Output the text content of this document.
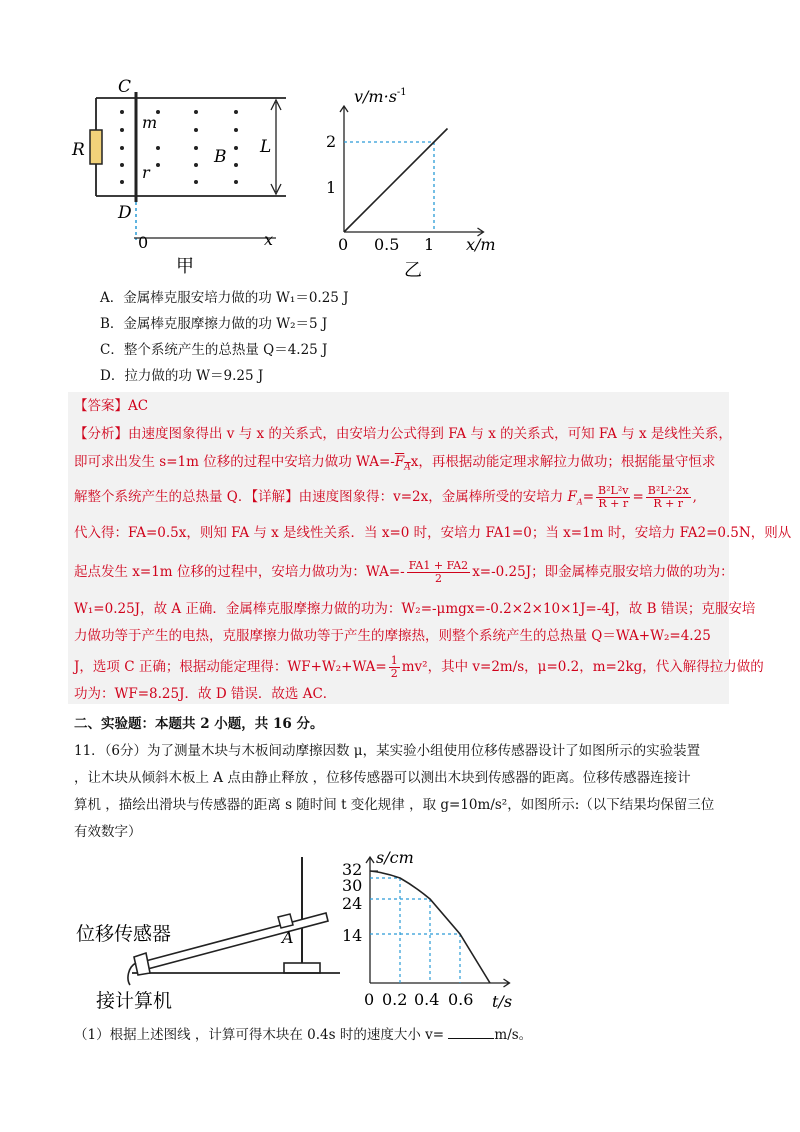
R
C
D
m
r
B L
0	x
甲
$v/m\cdot s^{-1}$
x/m
2
1
0 0.5 1
乙
A．金属棒克服安培力做的功 W₁＝0.25 J
B．金属棒克服摩擦力做的功 W₂＝5 J
C．整个系统产生的总热量 Q＝4.25 J
D．拉力做的功 W＝9.25 J
【答案】AC
【分析】由速度图象得出 v 与 x 的关系式，由安培力公式得到 FA 与 x 的关系式，可知 FA 与 x 是线性关系，
即可求出发生 s=1m 位移的过程中安培力做功 $WA=-F_Ax$，再根据动能定理求解拉力做功；根据能量守恒求
解整个系统产生的总热量 Q．【详解】由速度图象得：v=2x，金属棒所受的安培力 $F_A= \frac{\text{B²L²v}}{R + r} = \frac{\text{B²L²·2x}}{R + r}$ ,
代入得：FA=0.5x，则知 FA 与 x 是线性关系．当 x=0 时，安培力 FA1=0；当 x=1m 时，安培力 FA2=0.5N，则从
起点发生 x=1m 位移的过程中，安培力做功为：$WA=- \frac{FA1 + FA2}{2} x=-0.25J$；即金属棒克服安培力做的功为：
W₁=0.25J，故 A 正确．金属棒克服摩擦力做的功为：W₂=-μmgx=-0.2×2×10×1J=-4J，故 B 错误；克服安培
力做功等于产生的电热，克服摩擦力做功等于产生的摩擦热，则整个系统产生的总热量 Q＝WA+W₂=4.25
J，选项 C 正确；根据动能定理得：$WF+W_2+WA= \frac{1}{2} mv^2$，其中 v=2m/s，μ=0.2，m=2kg，代入解得拉力做的
功为：WF=8.25J．故 D 错误．故选 AC．
二、实验题：本题共 2 小题，共 16 分。
11．（6分）为了测量木块与木板间动摩擦因数 μ，某实验小组使用位移传感器设计了如图所示的实验装置
，让木块从倾斜木板上 A 点由静止释放 ，位移传感器可以测出木块到传感器的距离。位移传感器连接计
算机 ，描绘出滑块与传感器的距离 s 随时间 t 变化规律 ，取 g=10m/s²，如图所示:（以下结果均保留三位
有效数字）
A
位移传感器
接计算机
s/cm
t/s
32
30
24
14
0 0.2 0.4 0.6
（1）根据上述图线 ，计算可得木块在 0.4s 时的速度大小 v=	m/s。
